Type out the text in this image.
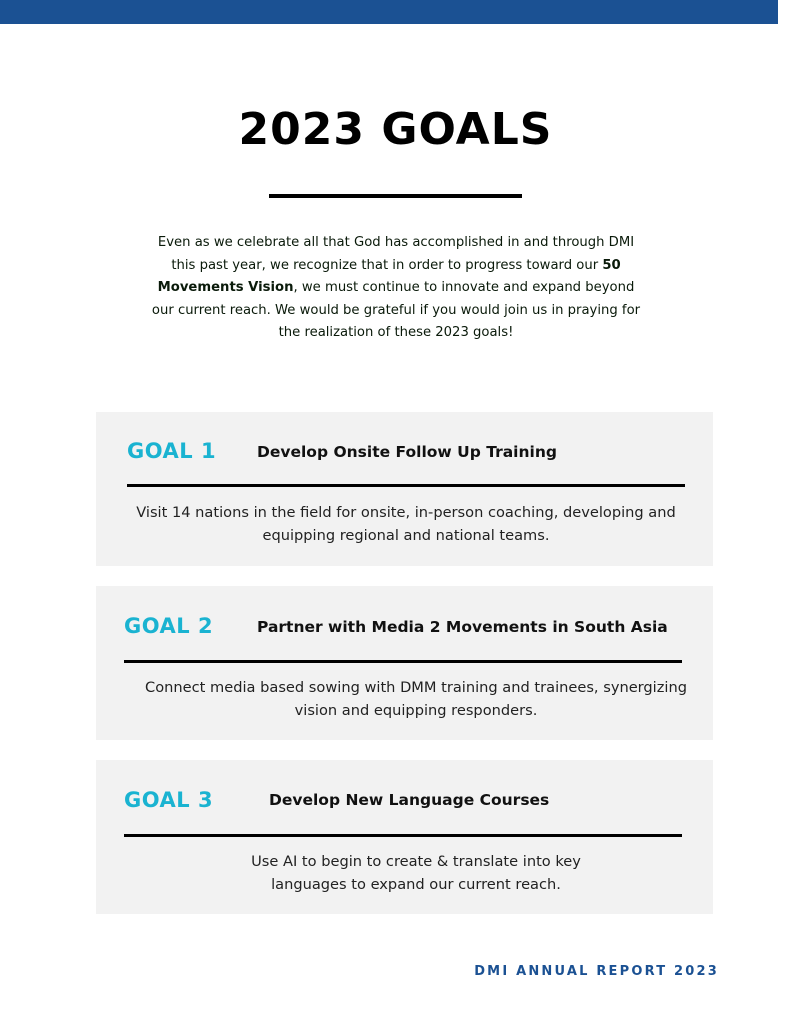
2023 GOALS
Even as we celebrate all that God has accomplished in and through DMI this past year, we recognize that in order to progress toward our 50 Movements Vision, we must continue to innovate and expand beyond our current reach. We would be grateful if you would join us in praying for the realization of these 2023 goals!
GOAL 1	Develop Onsite Follow Up Training
Visit 14 nations in the field for onsite, in-person coaching, developing and equipping regional and national teams.
GOAL 2	Partner with Media 2 Movements in South Asia
Connect media based sowing with DMM training and trainees, synergizing vision and equipping responders.
GOAL 3	Develop New Language Courses
Use AI to begin to create & translate into key languages to expand our current reach.
DMI ANNUAL REPORT 2023
